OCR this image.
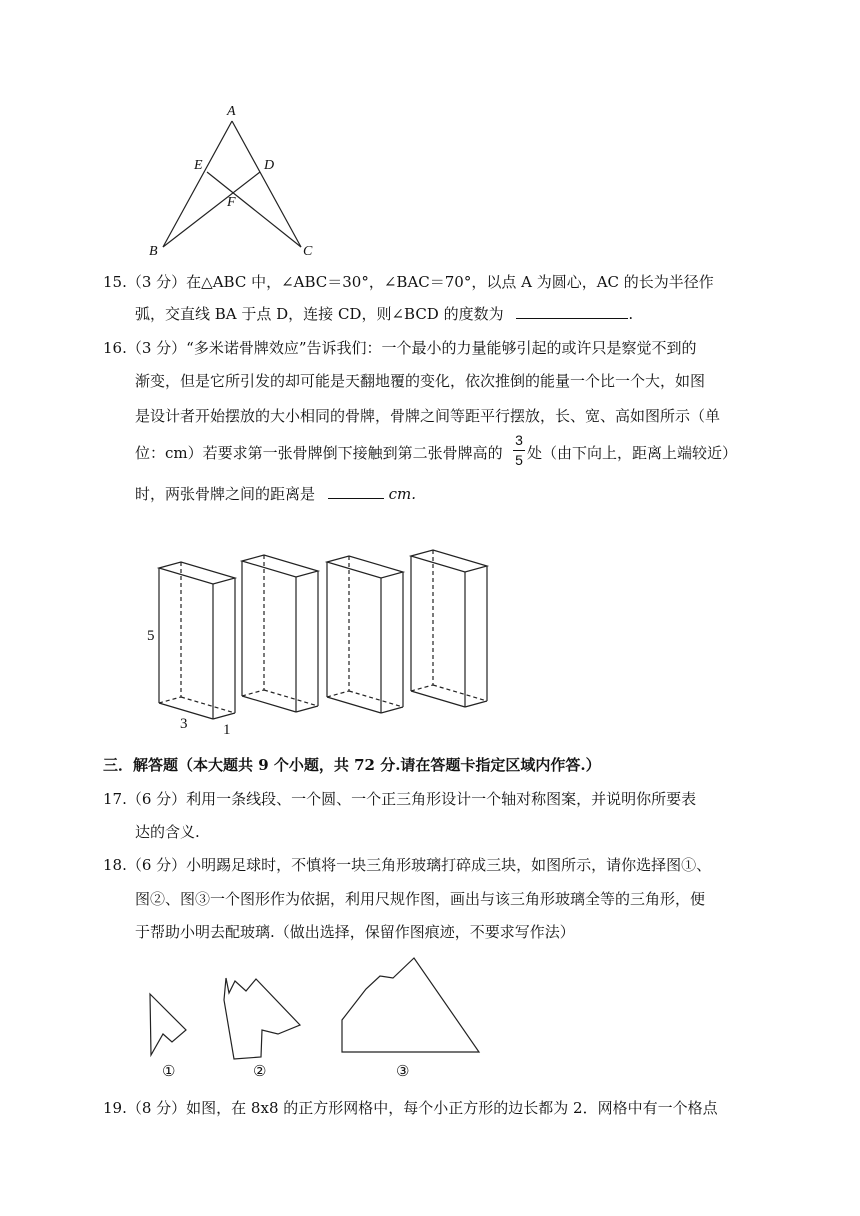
A
E	D
F
B	C
15.（3 分）在△ABC 中，∠ABC＝30°，∠BAC＝70°，以点 A 为圆心，AC 的长为半径作
弧，交直线 BA 于点 D，连接 CD，则∠BCD 的度数为	.
16.（3 分）“多米诺骨牌效应”告诉我们：一个最小的力量能够引起的或许只是察觉不到的
渐变，但是它所引发的却可能是天翻地覆的变化，依次推倒的能量一个比一个大，如图
是设计者开始摆放的大小相同的骨牌，骨牌之间等距平行摆放，长、宽、高如图所示（单
位：cm）若要求第一张骨牌倒下接触到第二张骨牌高的
3
5 处（由下向上，距离上端较近）
时，两张骨牌之间的距离是	cm.
5
3 1
三．解答题（本大题共 9 个小题，共 72 分.请在答题卡指定区域内作答.）
17.（6 分）利用一条线段、一个圆、一个正三角形设计一个轴对称图案，并说明你所要表
达的含义.
18.（6 分）小明踢足球时，不慎将一块三角形玻璃打碎成三块，如图所示，请你选择图①、
图②、图③一个图形作为依据，利用尺规作图，画出与该三角形玻璃全等的三角形，便
于帮助小明去配玻璃.（做出选择，保留作图痕迹，不要求写作法）
①	②	③
19.（8 分）如图，在 8x8 的正方形网格中，每个小正方形的边长都为 2．网格中有一个格点
